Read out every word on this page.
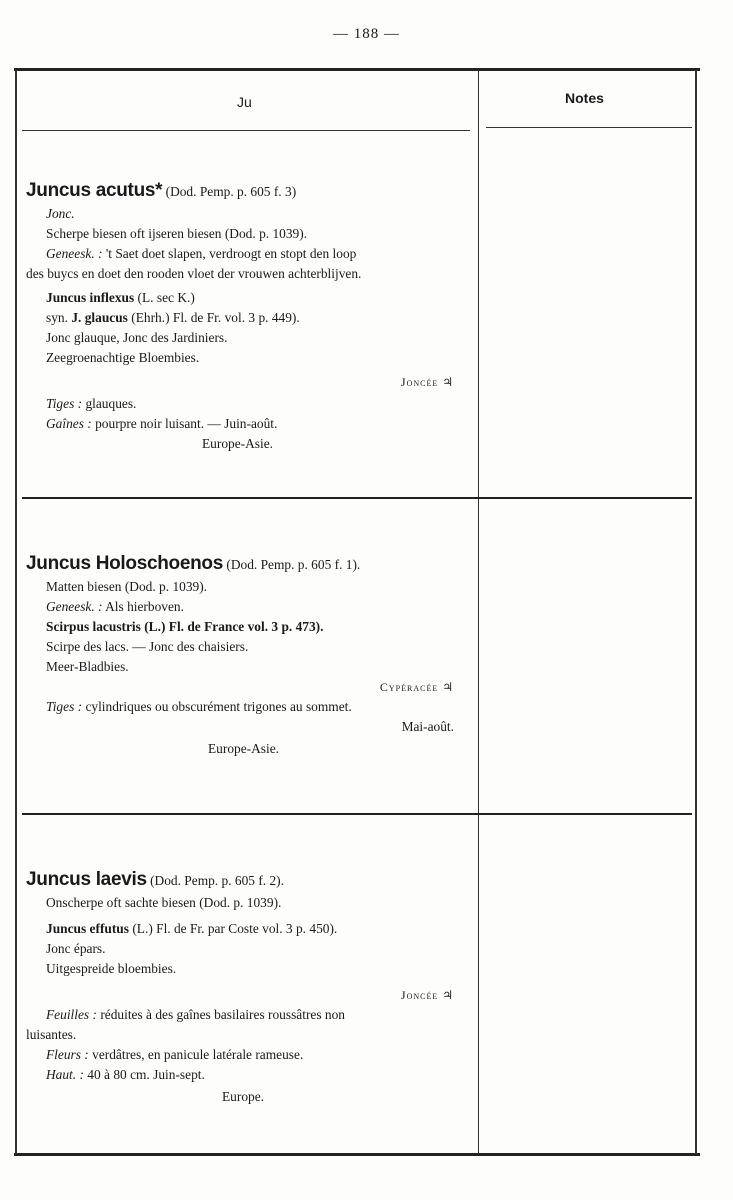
— 188 —
Ju	Notes
Juncus acutus* (Dod. Pemp. p. 605 f. 3)
Jonc.
Scherpe biesen oft ijseren biesen (Dod. p. 1039).
Geneesk. : 't Saet doet slapen, verdroogt en stopt den loop
des buycs en doet den rooden vloet der vrouwen achterblijven.
Juncus inflexus (L. sec K.)
syn. J. glaucus (Ehrh.) Fl. de Fr. vol. 3 p. 449).
Jonc glauque, Jonc des Jardiniers.
Zeegroenachtige Bloembies.
Joncée ♃
Tiges : glauques.
Gaînes : pourpre noir luisant. — Juin-août.
Europe-Asie.
Juncus Holoschoenos (Dod. Pemp. p. 605 f. 1).
Matten biesen (Dod. p. 1039).
Geneesk. : Als hierboven.
Scirpus lacustris (L.) Fl. de France vol. 3 p. 473).
Scirpe des lacs. — Jonc des chaisiers.
Meer-Bladbies.
Cypéracée ♃
Tiges : cylindriques ou obscurément trigones au sommet.
Mai-août.
Europe-Asie.
Juncus laevis (Dod. Pemp. p. 605 f. 2).
Onscherpe oft sachte biesen (Dod. p. 1039).
Juncus effutus (L.) Fl. de Fr. par Coste vol. 3 p. 450).
Jonc épars.
Uitgespreide bloembies.
Joncée ♃
Feuilles : réduites à des gaînes basilaires roussâtres non
luisantes.
Fleurs : verdâtres, en panicule latérale rameuse.
Haut. : 40 à 80 cm. Juin-sept.
Europe.
